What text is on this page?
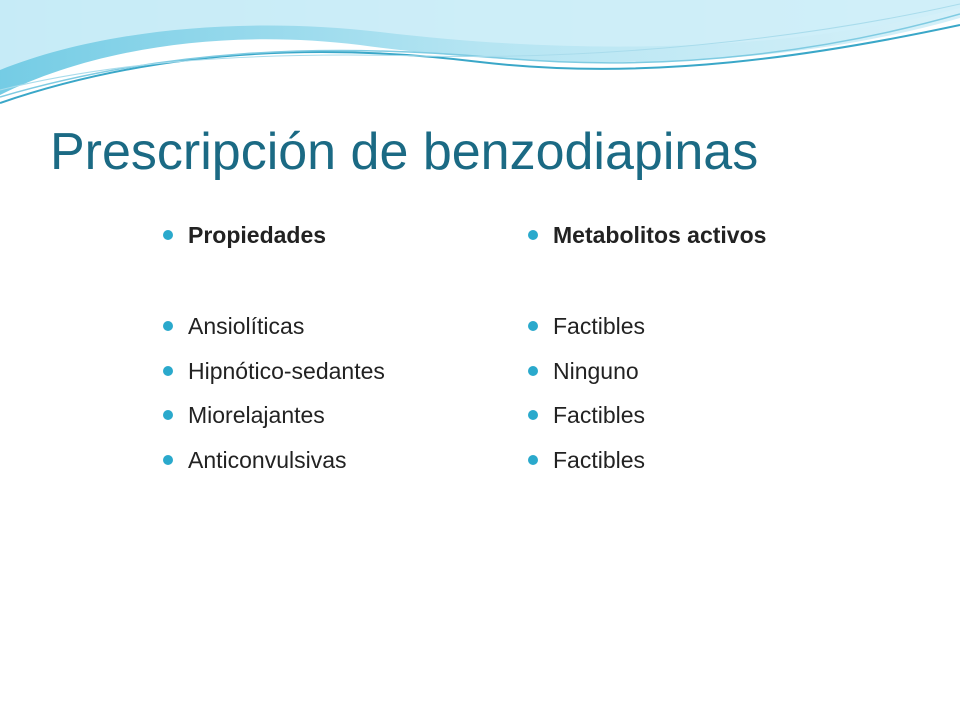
Prescripción de benzodiapinas
Propiedades
Ansiolíticas
Hipnótico-sedantes
Miorelajantes
Anticonvulsivas
Metabolitos activos
Factibles
Ninguno
Factibles
Factibles
